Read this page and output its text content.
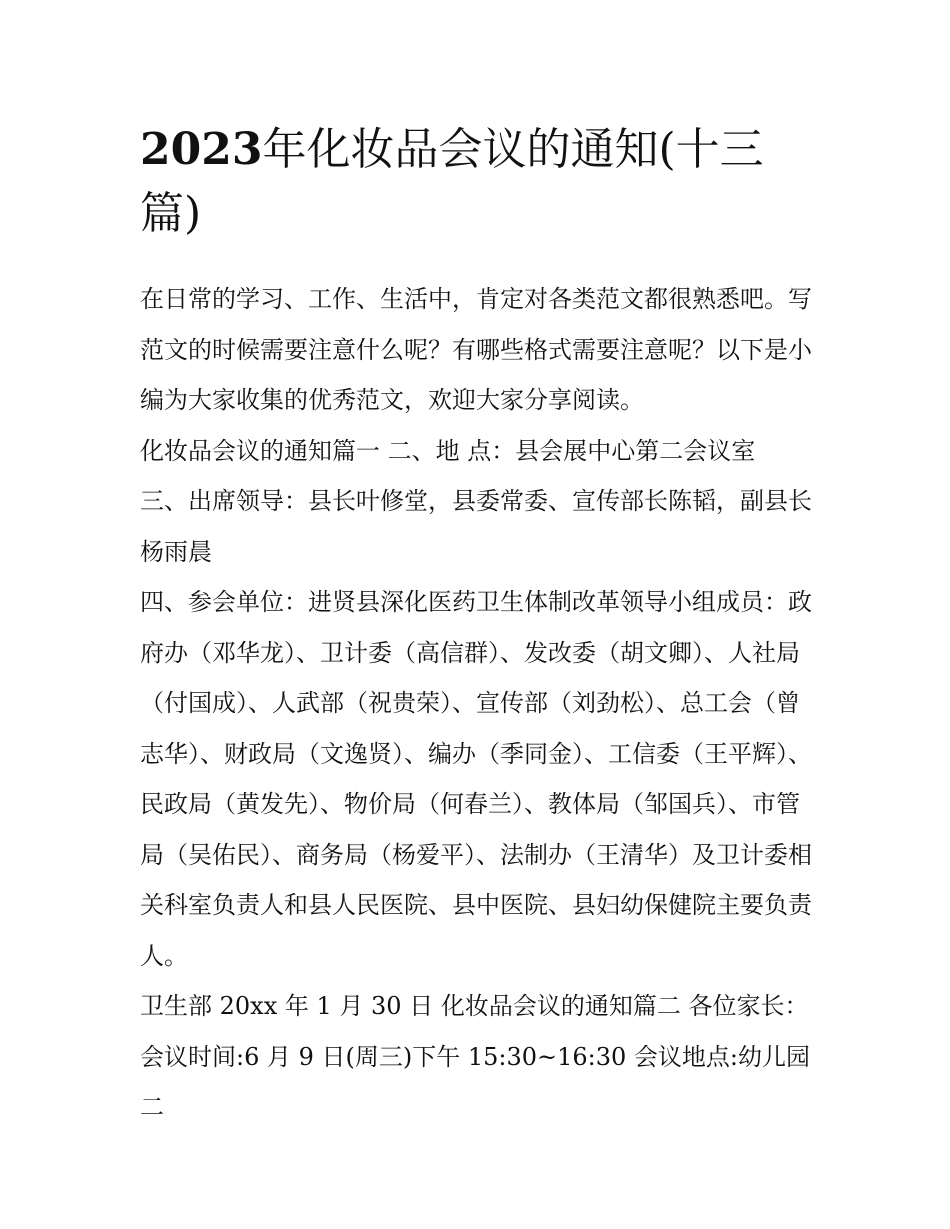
2023年化妆品会议的通知(十三篇)

在日常的学习、工作、生活中，肯定对各类范文都很熟悉吧。写范文的时候需要注意什么呢？有哪些格式需要注意呢？以下是小编为大家收集的优秀范文，欢迎大家分享阅读。

化妆品会议的通知篇一 二、地 点：县会展中心第二会议室

三、出席领导：县长叶修堂，县委常委、宣传部长陈韬，副县长杨雨晨

四、参会单位：进贤县深化医药卫生体制改革领导小组成员：政府办（邓华龙）、卫计委（高信群）、发改委（胡文卿）、人社局（付国成）、人武部（祝贵荣）、宣传部（刘劲松）、总工会（曾志华）、财政局（文逸贤）、编办（季同金）、工信委（王平辉）、民政局（黄发先）、物价局（何春兰）、教体局（邹国兵）、市管局（吴佑民）、商务局（杨爱平）、法制办（王清华）及卫计委相关科室负责人和县人民医院、县中医院、县妇幼保健院主要负责人。

卫生部 20xx 年 1 月 30 日 化妆品会议的通知篇二 各位家长：

会议时间:6 月 9 日(周三)下午 15:30~16:30 会议地点:幼儿园二
